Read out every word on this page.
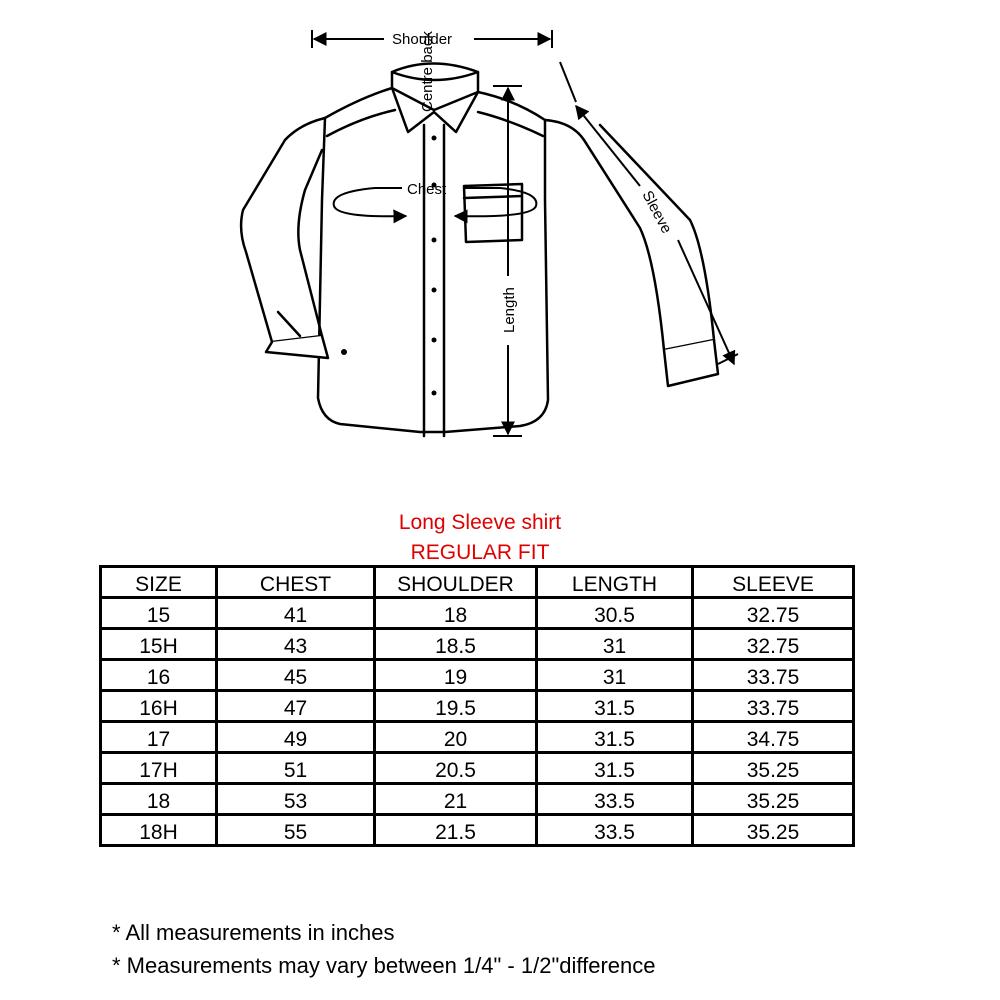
Shoulder
Centre back
Chest
Length
Sleeve
Long Sleeve shirt
REGULAR FIT
SIZE	CHEST	SHOULDER	LENGTH	SLEEVE

15	41	18	30.5	32.75

15H	43	18.5	31	32.75

16	45	19	31	33.75

16H	47	19.5	31.5	33.75

17	49	20	31.5	34.75

17H	51	20.5	31.5	35.25

18	53	21	33.5	35.25

18H	55	21.5	33.5	35.25
* All measurements in inches
* Measurements may vary between 1/4" - 1/2"difference
